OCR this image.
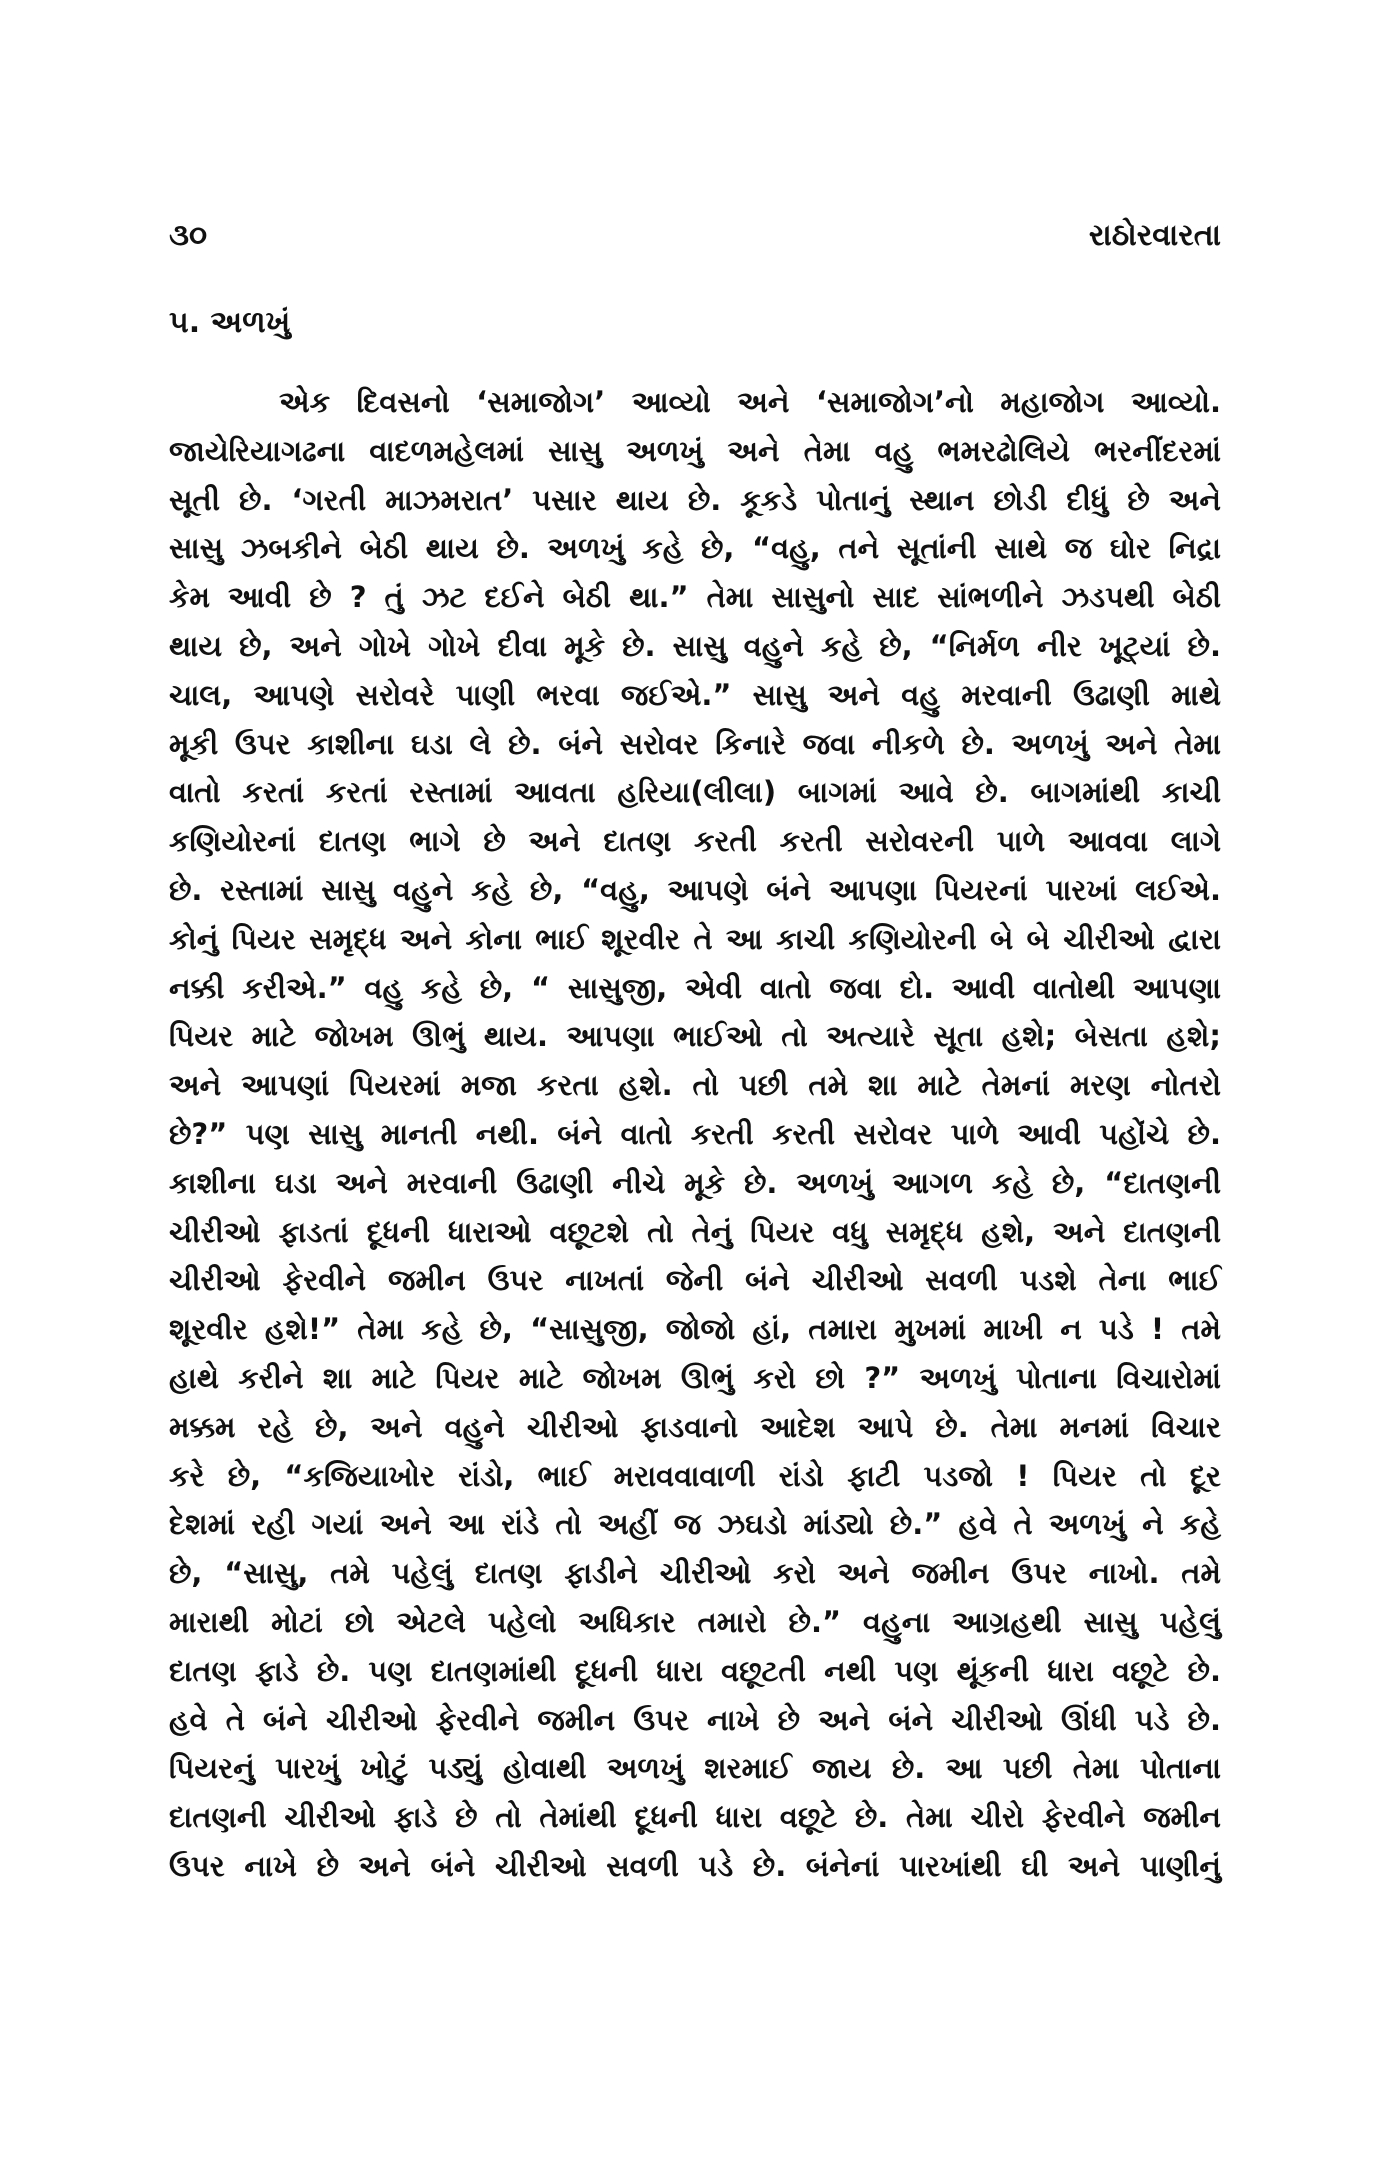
૩૦	રાઠોરવારતા
૫. અળખું
એક દિવસનો ‘સમાજોગ’ આવ્યો અને ‘સમાજોગ’નો મહાજોગ આવ્યો.
જાયેરિયાગઢના વાદળમહેલમાં સાસુ અળખું અને તેમા વહુ ભમરઢોલિયે ભરનીંદરમાં
સૂતી છે. ‘ગરતી માઝમરાત’ પસાર થાય છે. કૂકડે પોતાનું સ્થાન છોડી દીધું છે અને
સાસુ ઝબકીને બેઠી થાય છે. અળખું કહે છે, “વહુ, તને સૂતાંની સાથે જ ઘોર નિદ્રા
કેમ આવી છે ? તું ઝટ દઈને બેઠી થા.” તેમા સાસુનો સાદ સાંભળીને ઝડપથી બેઠી
થાય છે, અને ગોખે ગોખે દીવા મૂકે છે. સાસુ વહુને કહે છે, “નિર્મળ નીર ખૂટ્યાં છે.
ચાલ, આપણે સરોવરે પાણી ભરવા જઈએ.” સાસુ અને વહુ મરવાની ઉઢાણી માથે
મૂકી ઉપર કાશીના ઘડા લે છે. બંને સરોવર કિનારે જવા નીકળે છે. અળખું અને તેમા
વાતો કરતાં કરતાં રસ્તામાં આવતા હરિયા(લીલા) બાગમાં આવે છે. બાગમાંથી કાચી
કણિયોરનાં દાતણ ભાગે છે અને દાતણ કરતી કરતી સરોવરની પાળે આવવા લાગે
છે. રસ્તામાં સાસુ વહુને કહે છે, “વહુ, આપણે બંને આપણા પિયરનાં પારખાં લઈએ.
કોનું પિયર સમૃદ્ધ અને કોના ભાઈ શૂરવીર તે આ કાચી કણિયોરની બે બે ચીરીઓ દ્વારા
નક્કી કરીએ.” વહુ કહે છે, “ સાસુજી, એવી વાતો જવા દો. આવી વાતોથી આપણા
પિયર માટે જોખમ ઊભું થાય. આપણા ભાઈઓ તો અત્યારે સૂતા હશે; બેસતા હશે;
અને આપણાં પિયરમાં મજા કરતા હશે. તો પછી તમે શા માટે તેમનાં મરણ નોતરો
છે?” પણ સાસુ માનતી નથી. બંને વાતો કરતી કરતી સરોવર પાળે આવી પહોંચે છે.
કાશીના ઘડા અને મરવાની ઉઢાણી નીચે મૂકે છે. અળખું આગળ કહે છે, “દાતણની
ચીરીઓ ફાડતાં દૂધની ધારાઓ વછૂટશે તો તેનું પિયર વધુ સમૃદ્ધ હશે, અને દાતણની
ચીરીઓ ફેરવીને જમીન ઉપર નાખતાં જેની બંને ચીરીઓ સવળી પડશે તેના ભાઈ
શૂરવીર હશે!” તેમા કહે છે, “સાસુજી, જોજો હાં, તમારા મુખમાં માખી ન પડે ! તમે
હાથે કરીને શા માટે પિયર માટે જોખમ ઊભું કરો છો ?” અળખું પોતાના વિચારોમાં
મક્કમ રહે છે, અને વહુને ચીરીઓ ફાડવાનો આદેશ આપે છે. તેમા મનમાં વિચાર
કરે છે, “કજિયાખોર રાંડો, ભાઈ મરાવવાવાળી રાંડો ફાટી પડજો ! પિયર તો દૂર
દેશમાં રહી ગયાં અને આ રાંડે તો અહીં જ ઝઘડો માંડ્યો છે.” હવે તે અળખું ને કહે
છે, “સાસુ, તમે પહેલું દાતણ ફાડીને ચીરીઓ કરો અને જમીન ઉપર નાખો. તમે
મારાથી મોટાં છો એટલે પહેલો અધિકાર તમારો છે.” વહુના આગ્રહથી સાસુ પહેલું
દાતણ ફાડે છે. પણ દાતણમાંથી દૂધની ધારા વછૂટતી નથી પણ થૂંકની ધારા વછૂટે છે.
હવે તે બંને ચીરીઓ ફેરવીને જમીન ઉપર નાખે છે અને બંને ચીરીઓ ઊંધી પડે છે.
પિયરનું પારખું ખોટું પડ્યું હોવાથી અળખું શરમાઈ જાય છે. આ પછી તેમા પોતાના
દાતણની ચીરીઓ ફાડે છે તો તેમાંથી દૂધની ધારા વછૂટે છે. તેમા ચીરો ફેરવીને જમીન
ઉપર નાખે છે અને બંને ચીરીઓ સવળી પડે છે. બંનેનાં પારખાંથી ઘી અને પાણીનું
